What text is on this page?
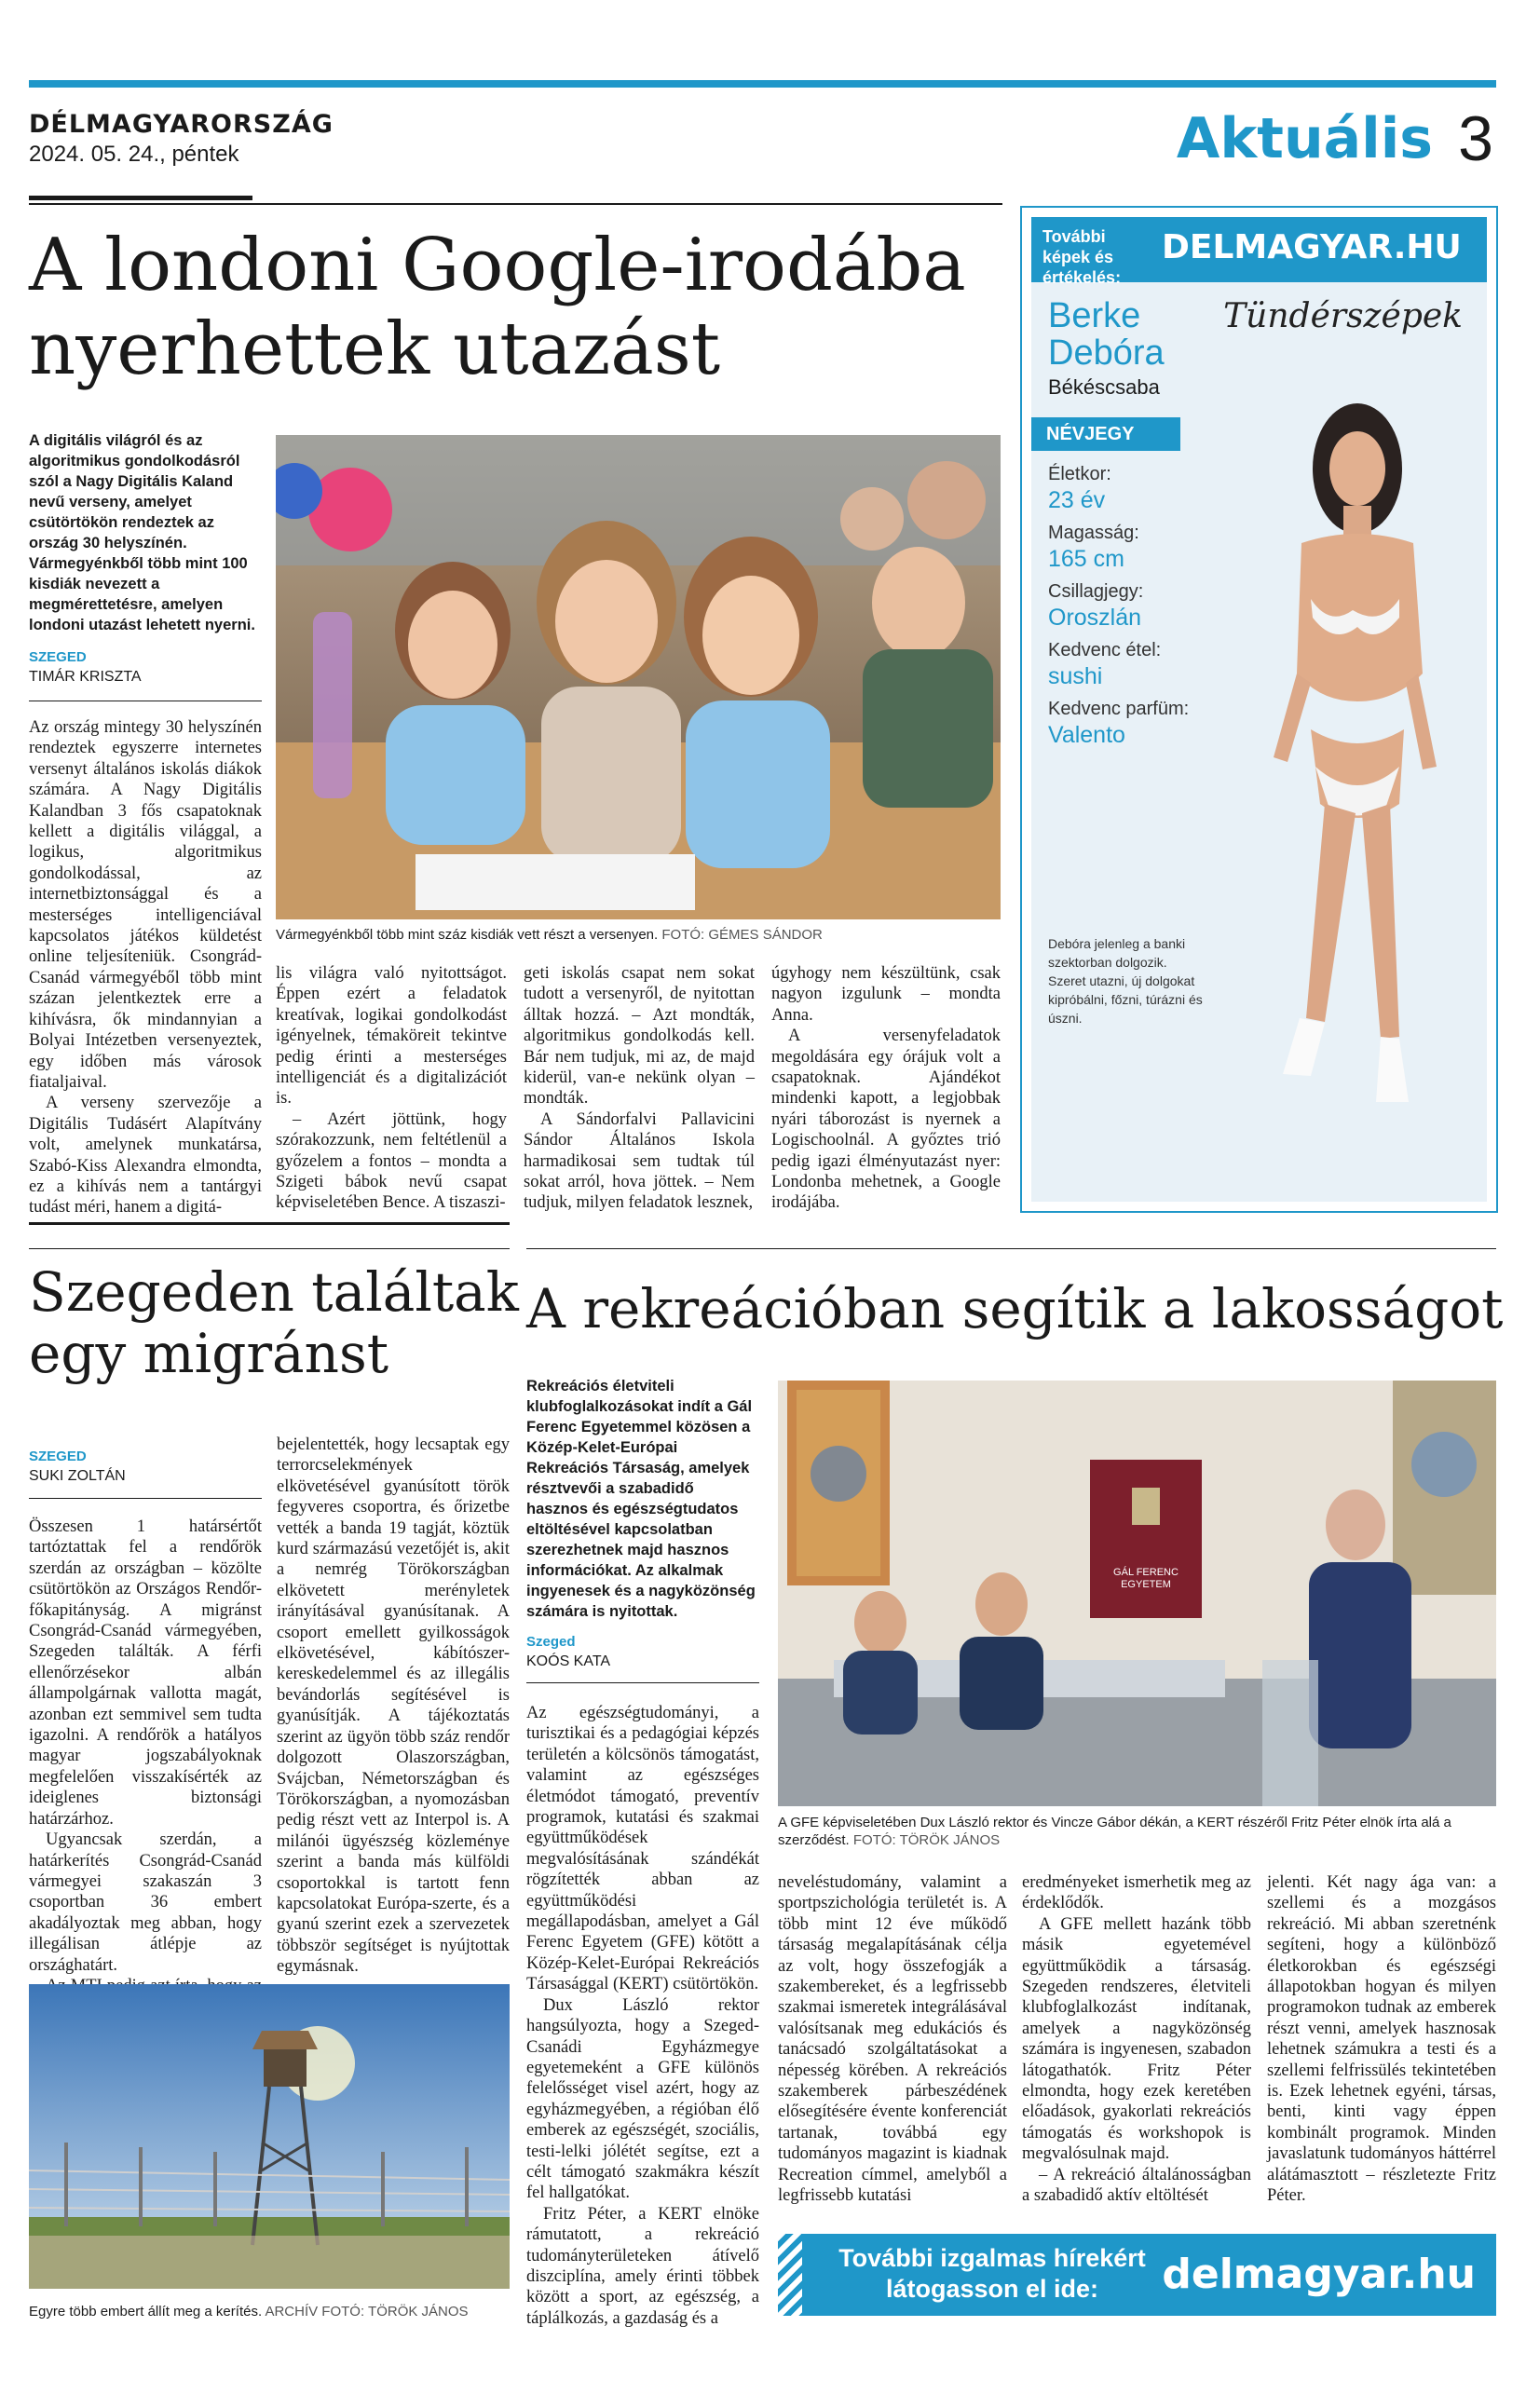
DÉLMAGYARORSZÁG
2024. 05. 24., péntek	Aktuális 3
A londoni Google-irodába
nyerhettek utazást
A digitális világról és az algoritmikus gondolkodásról szól a Nagy Digitális Kaland nevű verseny, amelyet csütörtökön rendeztek az ország 30 helyszínén. Vármegyénkből több mint 100 kisdiák nevezett a megmérettetésre, amelyen londoni utazást lehetett nyerni.
SZEGED
TIMÁR KRISZTA
Vármegyénkből több mint száz kisdiák vett részt a versenyen. FOTÓ: GÉMES SÁNDOR

Az ország mintegy 30 helyszínén rendeztek egyszerre internetes versenyt általános iskolás diákok számára. A Nagy Digitális Kalandban 3 fős csapatoknak kellett a digitális világgal, a logikus, algoritmikus gondolkodással, az internetbiztonsággal és a mesterséges intelligenciával kapcsolatos játékos küldetést online teljesíteniük. Csongrád-Csanád vármegyéből több mint százan jelentkeztek erre a kihívásra, ők mindannyian a Bolyai Intézetben versenyeztek, egy időben más városok fiataljaival.

A verseny szervezője a Digitális Tudásért Alapítvány volt, amelynek munkatársa, Szabó-Kiss Alexandra elmondta, ez a kihívás nem a tantárgyi tudást méri, hanem a digitá-

lis világra való nyitottságot. Éppen ezért a feladatok kreatívak, logikai gondolkodást igényelnek, témaköreit tekintve pedig érinti a mesterséges intelligenciát és a digitalizációt is.

– Azért jöttünk, hogy szórakozzunk, nem feltétlenül a győzelem a fontos – mondta a Szigeti bábok nevű csapat képviseletében Bence. A tiszaszi-

geti iskolás csapat nem sokat tudott a versenyről, de nyitottan álltak hozzá. – Azt mondták, algoritmikus gondolkodás kell. Bár nem tudjuk, mi az, de majd kiderül, van-e nekünk olyan – mondták.

A Sándorfalvi Pallavicini Sándor Általános Iskola harmadikosai sem tudtak túl sokat arról, hova jöttek. – Nem tudjuk, milyen feladatok lesznek,

úgyhogy nem készültünk, csak nagyon izgulunk – mondta Anna.

A versenyfeladatok megoldására egy órájuk volt a csapatoknak. Ajándékot mindenki kapott, a legjobbak nyári táborozást is nyernek a Logischoolnál. A győztes trió pedig igazi élményutazást nyer: Londonba mehetnek, a Google irodájába.

További képek és értékelés:
DELMAGYAR.HU
Berke
Debóra
Békéscsaba
Tündérszépek
NÉVJEGY
Életkor:
23 év
Magasság:
165 cm
Csillagjegy:
Oroszlán
Kedvenc étel:
sushi
Kedvenc parfüm:
Valento
Debóra jelenleg a banki szektorban dolgozik. Szeret utazni, új dolgokat kipróbálni, főzni, túrázni és úszni.
Szegeden találtak
egy migránst
SZEGED
SUKI ZOLTÁN

Összesen 1 határsértőt tartóztattak fel a rendőrök szerdán az országban – közölte csütörtökön az Országos Rendőr-főkapitányság. A migránst Csongrád-Csanád vármegyében, Szegeden találták. A férfi ellenőrzésekor albán állampolgárnak vallotta magát, azonban ezt semmivel sem tudta igazolni. A rendőrök a hatályos magyar jogszabályoknak megfelelően visszakísérték az ideiglenes biztonsági határzárhoz.

Ugyancsak szerdán, a határkerítés Csongrád-Csanád vármegyei szakaszán 3 csoportban 36 embert akadályoztak meg abban, hogy illegálisan átlépje az országhatárt.

bejelentették, hogy lecsaptak egy terrorcselekmények elkövetésével gyanúsított török fegyveres csoportra, és őrizetbe vették a banda 19 tagját, köztük kurd származású vezetőjét is, akit a nemrég Törökországban elkövetett merényletek irányításával gyanúsítanak. A csoport emellett gyilkosságok elkövetésével, kábítószer-kereskedelemmel és az illegális bevándorlás segítésével is gyanúsítják. A tájékoztatás szerint az ügyön több száz rendőr dolgozott Olaszországban, Svájcban, Németországban és Törökországban, a nyomozásban pedig részt vett az Interpol is. A milánói ügyészség közleménye szerint a banda más külföldi csoportokkal is tartott fenn kapcsolatokat Európa-szerte, és a gyanú szerint ezek a szervezetek többször segítséget is nyújtottak egymásnak.

Egyre több embert állít meg a kerítés. ARCHÍV FOTÓ: TÖRÖK JÁNOS
A rekreációban segítik a lakosságot
Rekreációs életviteli klubfoglalkozásokat indít a Gál Ferenc Egyetemmel közösen a Közép-Kelet-Európai Rekreációs Társaság, amelyek résztvevői a szabadidő hasznos és egészségtudatos eltöltésével kapcsolatban szerezhetnek majd hasznos információkat. Az alkalmak ingyenesek és a nagyközönség számára is nyitottak.
Szeged
KOÓS KATA
GÁL FERENC
EGYETEM
A GFE képviseletében Dux László rektor és Vincze Gábor dékán, a KERT részéről Fritz Péter elnök írta alá a szerződést. FOTÓ: TÖRÖK JÁNOS

Az egészségtudományi, a turisztikai és a pedagógiai képzés területén a kölcsönös támogatást, valamint az egészséges életmódot támogató, preventív programok, kutatási és szakmai együttműködések megvalósításának szándékát rögzítették abban az együttműködési megállapodásban, amelyet a Gál Ferenc Egyetem (GFE) kötött a Közép-Kelet-Európai Rekreációs Társasággal (KERT) csütörtökön.

Dux László rektor hangsúlyozta, hogy a Szeged-Csanádi Egyházmegye egyetemeként a GFE különös felelősséget visel azért, hogy az egyházmegyében, a régióban élő emberek az egészségét, szociális, testi-lelki jólétét segítse, ezt a célt támogató szakmákra készít fel hallgatókat.

Fritz Péter, a KERT elnöke rámutatott, a rekreáció tudományterületeken átívelő diszciplína, amely érinti többek között a sport, az egészség, a táplálkozás, a gazdaság és a

neveléstudomány, valamint a sportpszichológia területét is. A több mint 12 éve működő társaság megalapításának célja az volt, hogy összefogják a szakembereket, és a legfrissebb szakmai ismeretek integrálásával valósítsanak meg edukációs és tanácsadó szolgáltatásokat a népesség körében. A rekreációs szakemberek párbeszédének elősegítésére évente konferenciát tartanak, továbbá egy tudományos magazint is kiadnak Recreation címmel, amelyből a legfrissebb kutatási

eredményeket ismerhetik meg az érdeklődők.

A GFE mellett hazánk több másik egyetemével együttműködik a társaság. Szegeden rendszeres, életviteli klubfoglalkozást indítanak, amelyek a nagyközönség számára is ingyenesen, szabadon látogathatók. Fritz Péter elmondta, hogy ezek keretében előadások, gyakorlati rekreációs támogatás és workshopok is megvalósulnak majd.

– A rekreáció általánosságban a szabadidő aktív eltöltését

jelenti. Két nagy ága van: a szellemi és a mozgásos rekreáció. Mi abban szeretnénk segíteni, hogy a különböző életkorokban és egészségi állapotokban hogyan és milyen programokon tudnak az emberek részt venni, amelyek hasznosak lehetnek számukra a testi és a szellemi felfrissülés tekintetében is. Ezek lehetnek egyéni, társas, benti, kinti vagy éppen kombinált programok. Minden javaslatunk tudományos háttérrel alátámasztott – részletezte Fritz Péter.

További izgalmas hírekért
látogasson el ide:	delmagyar.hu
